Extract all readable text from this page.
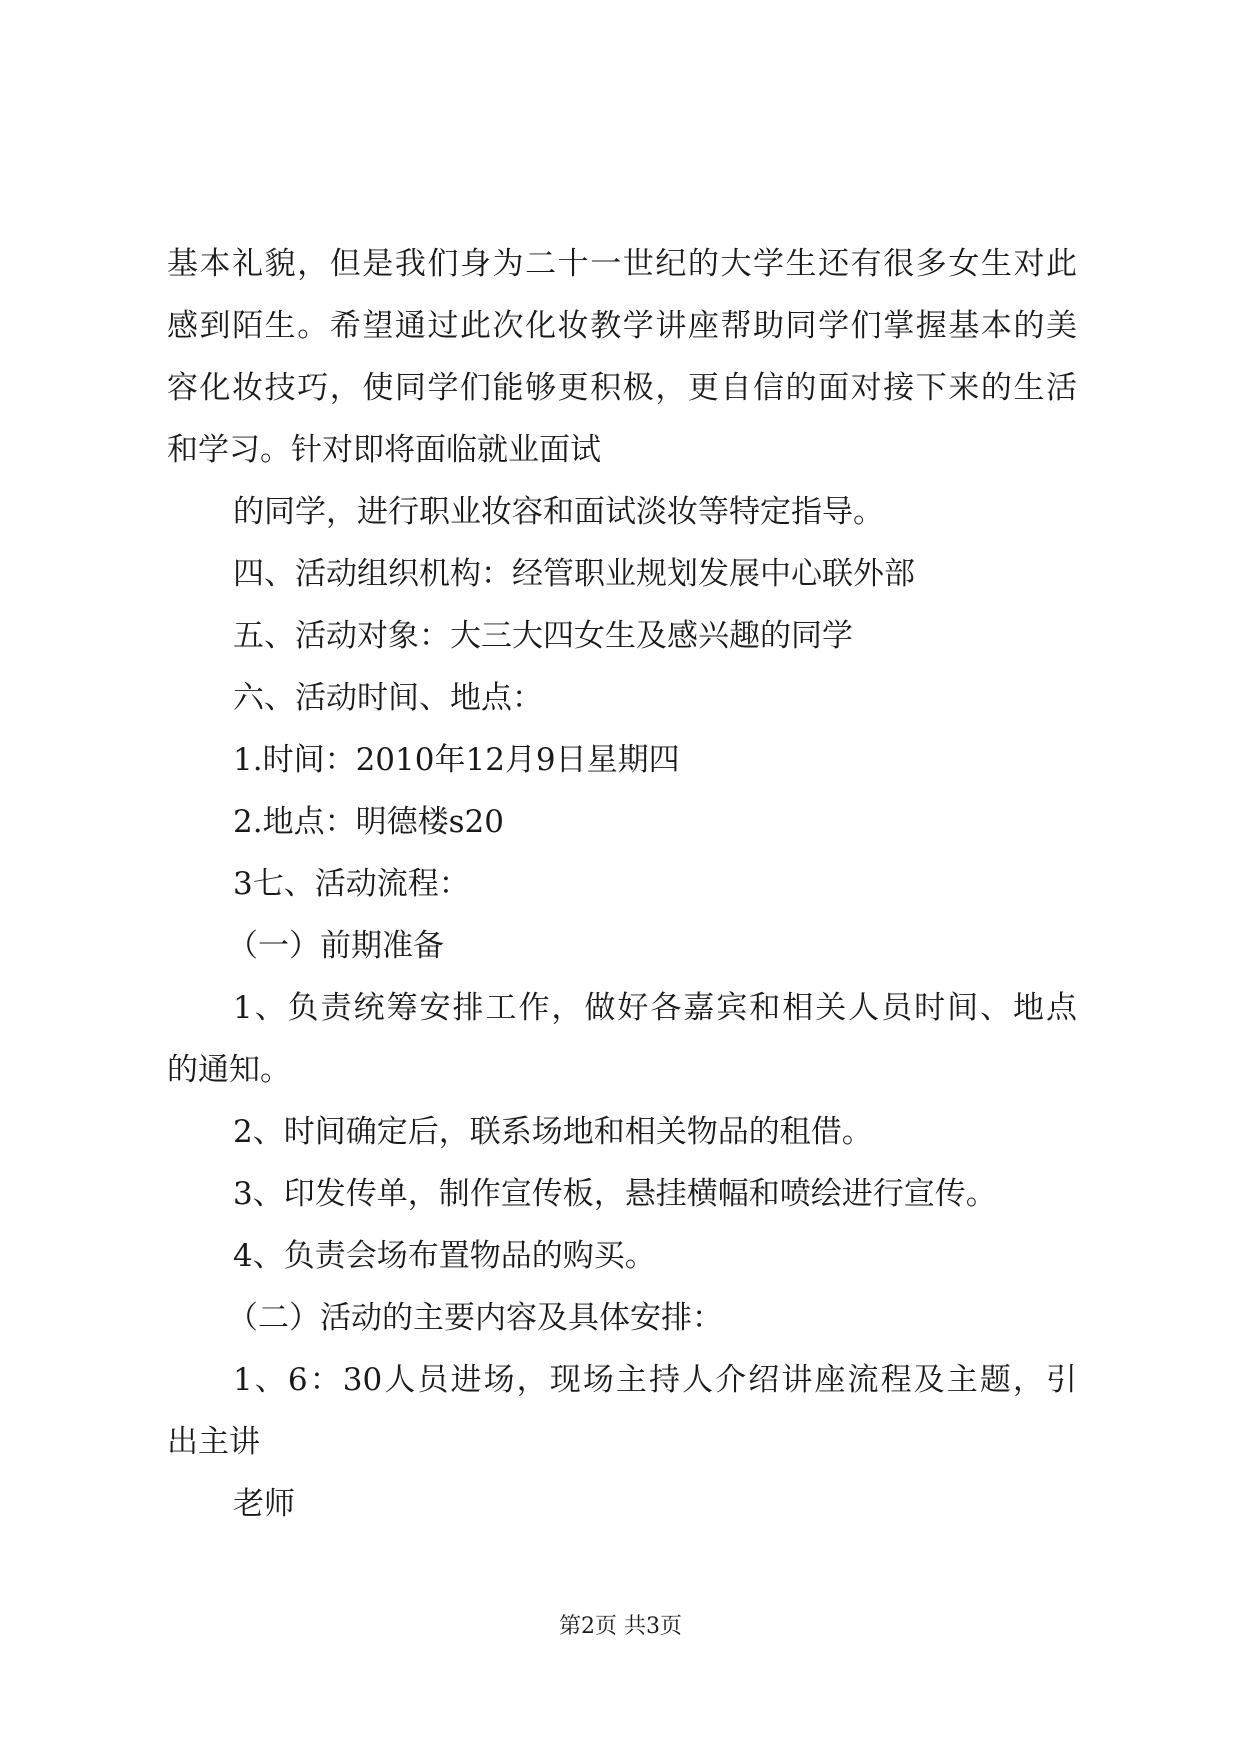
基本礼貌，但是我们身为二十一世纪的大学生还有很多女生对此

感到陌生。希望通过此次化妆教学讲座帮助同学们掌握基本的美

容化妆技巧，使同学们能够更积极，更自信的面对接下来的生活

和学习。针对即将面临就业面试

的同学，进行职业妆容和面试淡妆等特定指导。

四、活动组织机构：经管职业规划发展中心联外部

五、活动对象：大三大四女生及感兴趣的同学

六、活动时间、地点：

1.时间：2010年12月9日星期四

2.地点：明德楼s20

3七、活动流程：

（一）前期准备

1、负责统筹安排工作，做好各嘉宾和相关人员时间、地点

的通知。

2、时间确定后，联系场地和相关物品的租借。

3、印发传单，制作宣传板，悬挂横幅和喷绘进行宣传。

4、负责会场布置物品的购买。

（二）活动的主要内容及具体安排：

1、6：30人员进场，现场主持人介绍讲座流程及主题，引

出主讲

老师

第2页 共3页
